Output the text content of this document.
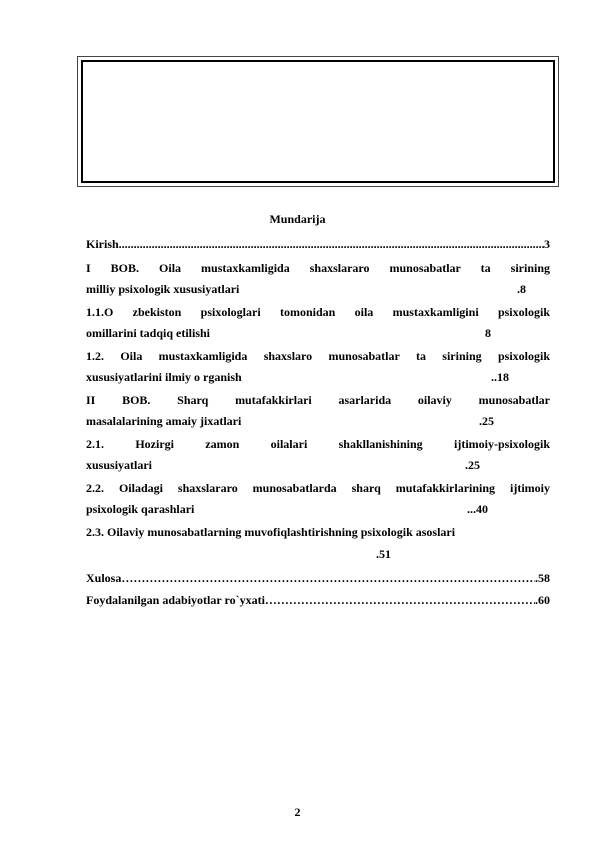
Mundarija
Kirish .....	3
I BOB. Oila mustaxkamligida shaxslararo munosabatlar ta sirining
milliy psixologik xususiyatlari	.8
1.1.O zbekiston psixologlari tomonidan oila mustaxkamligini psixologik
omillarini tadqiq etilishi	8
1.2. Oila mustaxkamligida shaxslaro munosabatlar ta sirining psixologik
xususiyatlarini ilmiy o rganish	..18
II BOB. Sharq mutafakkirlari asarlarida oilaviy munosabatlar
masalalarining amaiy jixatlari	.25
2.1. Hozirgi zamon oilalari shakllanishining ijtimoiy-psixologik
xususiyatlari	.25
2.2. Oiladagi shaxslararo munosabatlarda sharq mutafakkirlarining ijtimoiy
psixologik qarashlari	...40
2.3. Oilaviy munosabatlarning muvofiqlashtirishning psixologik asoslari
.51
Xulosa ……………………………………………………………………………………………………………………	.58
Foydalanilgan adabiyotlar ro`yxati ……………………………………………………………………………………………………………………	.60
2
